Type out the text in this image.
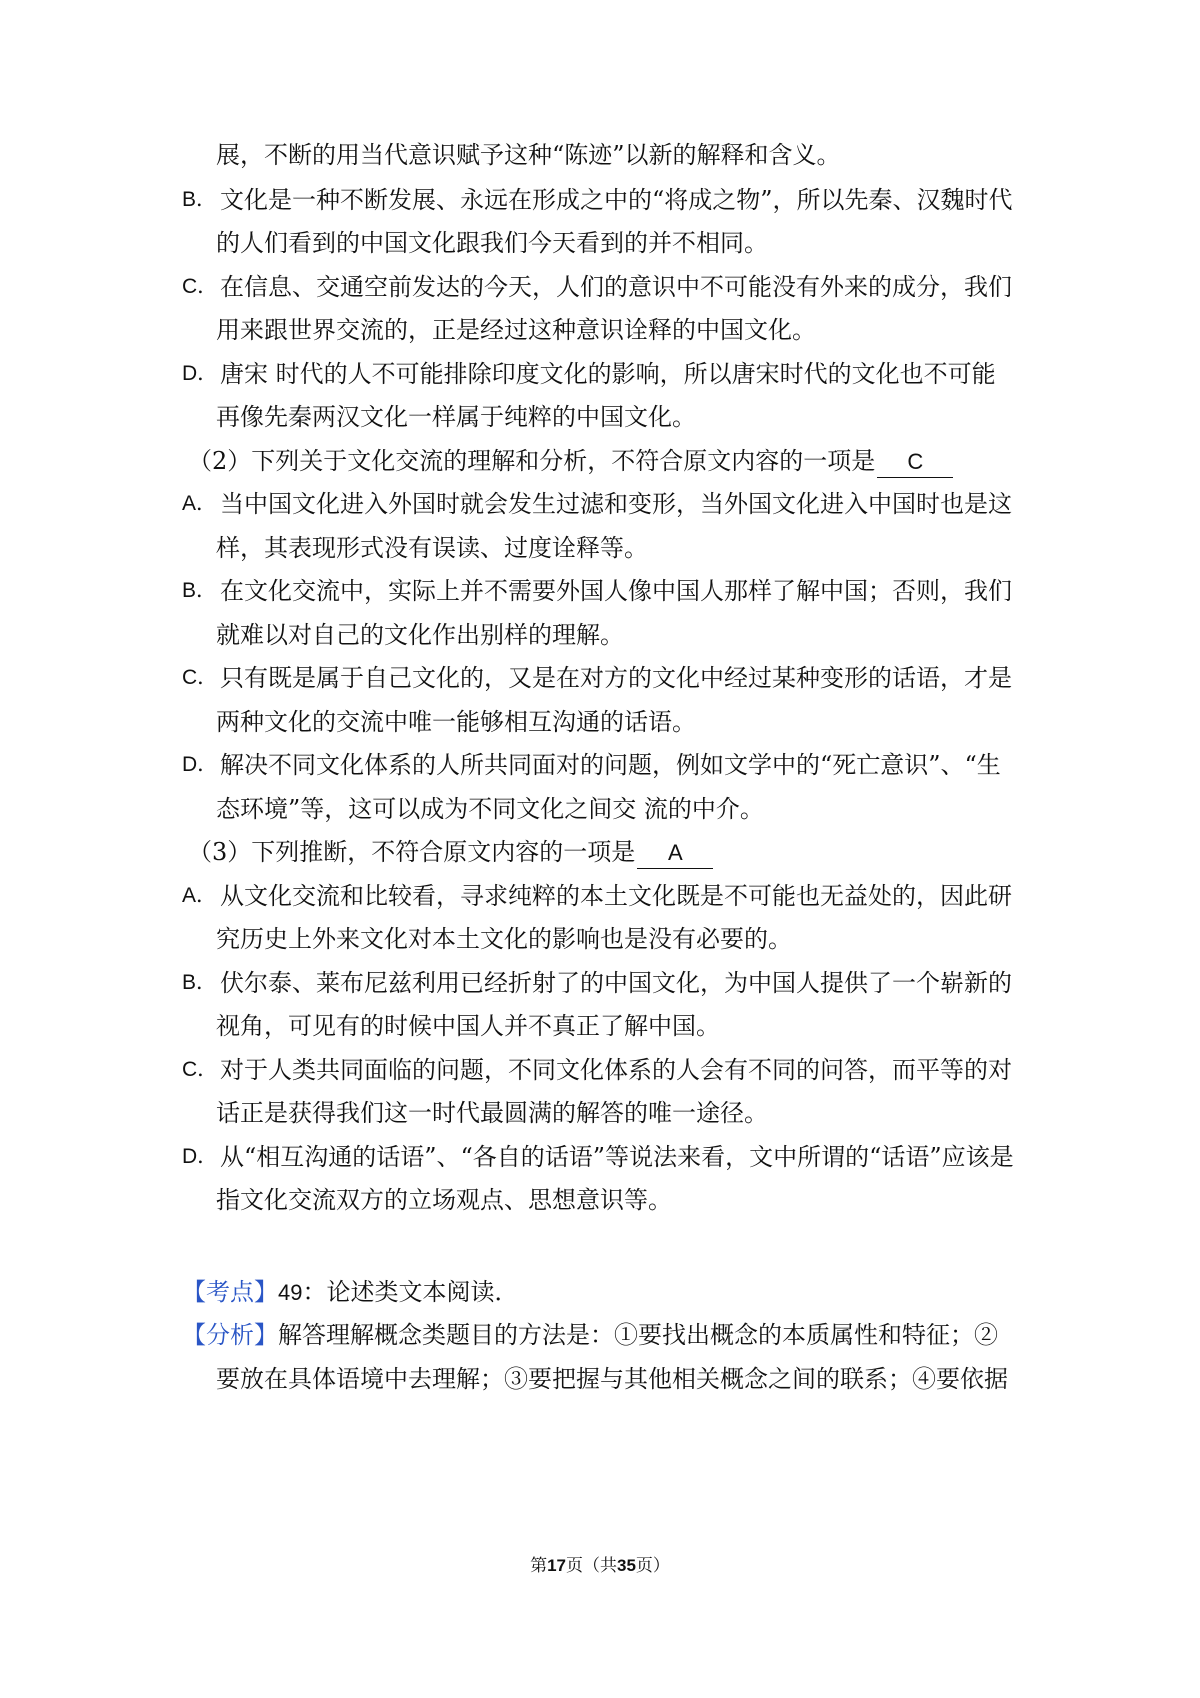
展，不断的用当代意识赋予这种“陈迹”以新的解释和含义。
B． 文化是一种不断发展、永远在形成之中的“将成之物”，所以先秦、汉魏时代
的人们看到的中国文化跟我们今天看到的并不相同。
C． 在信息、交通空前发达的今天，人们的意识中不可能没有外来的成分，我们
用来跟世界交流的，正是经过这种意识诠释的中国文化。
D． 唐宋 时代的人不可能排除印度文化的影响，所以唐宋时代的文化也不可能
再像先秦两汉文化一样属于纯粹的中国文化。
（2）下列关于文化交流的理解和分析，不符合原文内容的一项是 C
A． 当中国文化进入外国时就会发生过滤和变形，当外国文化进入中国时也是这
样，其表现形式没有误读、过度诠释等。
B． 在文化交流中，实际上并不需要外国人像中国人那样了解中国；否则，我们
就难以对自己的文化作出别样的理解。
C． 只有既是属于自己文化的，又是在对方的文化中经过某种变形的话语，才是
两种文化的交流中唯一能够相互沟通的话语。
D． 解决不同文化体系的人所共同面对的问题，例如文学中的“死亡意识”、“生
态环境”等，这可以成为不同文化之间交 流的中介。
（3）下列推断，不符合原文内容的一项是 A
A． 从文化交流和比较看，寻求纯粹的本土文化既是不可能也无益处的，因此研
究历史上外来文化对本土文化的影响也是没有必要的。
B． 伏尔泰、莱布尼兹利用已经折射了的中国文化，为中国人提供了一个崭新的
视角，可见有的时候中国人并不真正了解中国。
C． 对于人类共同面临的问题，不同文化体系的人会有不同的问答，而平等的对
话正是获得我们这一时代最圆满的解答的唯一途径。
D． 从“相互沟通的话语”、“各自的话语”等说法来看，文中所谓的“话语”应该是
指文化交流双方的立场观点、思想意识等。
【考点】49：论述类文本阅读．
【分析】解答理解概念类题目的方法是：①要找出概念的本质属性和特征；②
要放在具体语境中去理解；③要把握与其他相关概念之间的联系；④要依据
第17页（共35页）
